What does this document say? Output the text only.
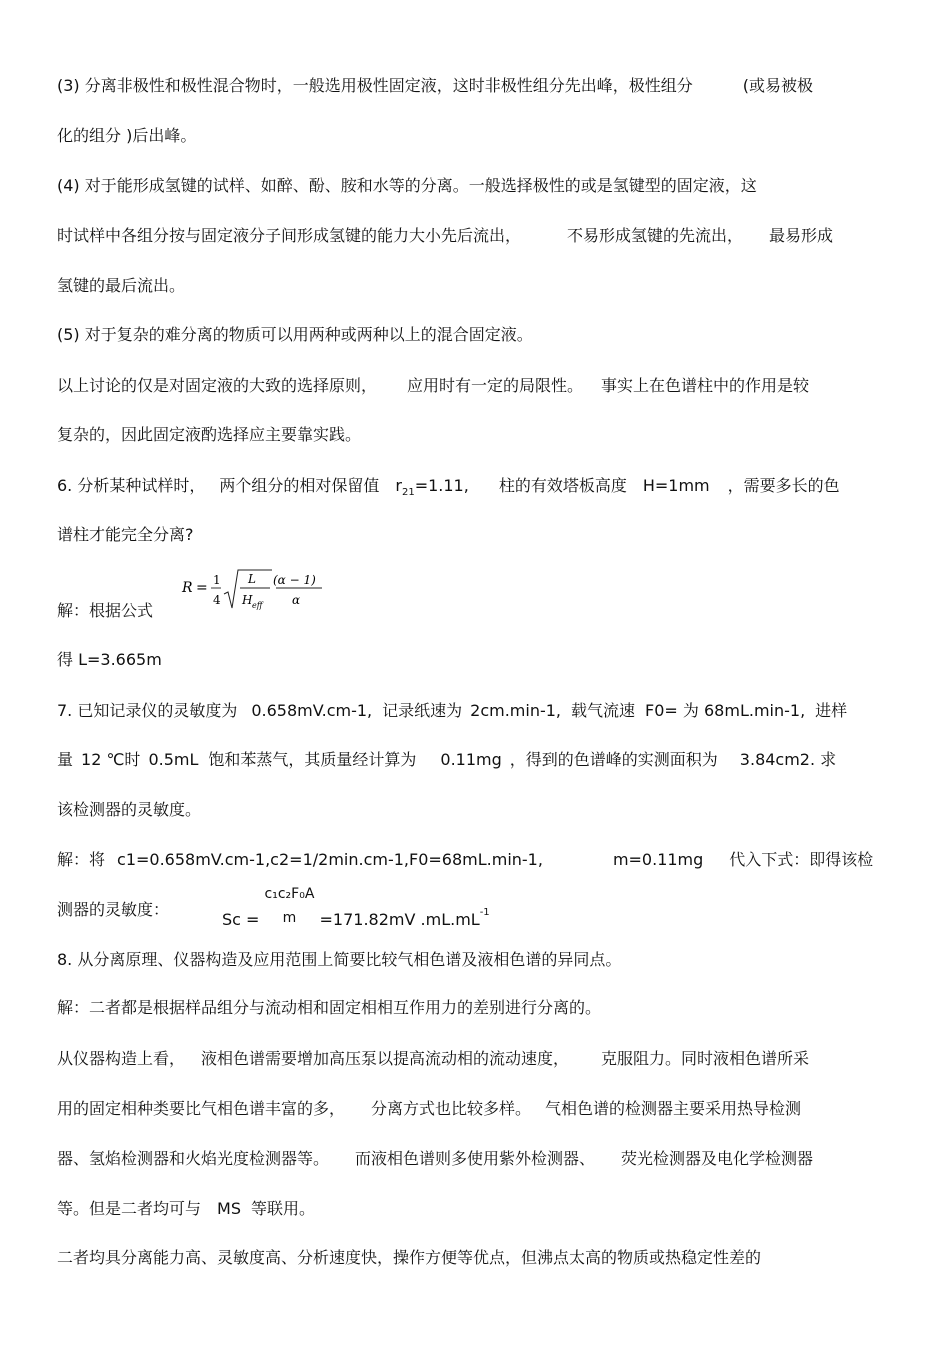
(3) 分离非极性和极性混合物时，一般选用极性固定液，这时非极性组分先出峰，极性组分	(或易被极
化的组分 )后出峰。
(4) 对于能形成氢键的试样、如醉、酚、胺和水等的分离。一般选择极性的或是氢键型的固定液，这
时试样中各组分按与固定液分子间形成氢键的能力大小先后流出，	不易形成氢键的先流出， 最易形成
氢键的最后流出。
(5) 对于复杂的难分离的物质可以用两种或两种以上的混合固定液。
以上讨论的仅是对固定液的大致的选择原则， 应用时有一定的局限性。 事实上在色谱柱中的作用是较
复杂的，因此固定液酌选择应主要靠实践。
6. 分析某种试样时， 两个组分的相对保留值 $r_{21}=1.11$, 柱的有效塔板高度 H=1mm ，需要多长的色
谱柱才能完全分离?
解：根据公式
R = 1
4
L
H eff
(α − 1)
α
得 L=3.665m
7. 已知记录仪的灵敏度为 0.658mV.cm-1, 记录纸速为 2cm.min-1, 载气流速 F0= 为 68mL.min-1, 进样
量 12 ℃时 0.5mL 饱和苯蒸气，其质量经计算为 0.11mg ，得到的色谱峰的实测面积为 3.84cm2. 求
该检测器的灵敏度。
解：将 c1=0.658mV.cm-1,c2=1/2min.cm-1,F0=68mL.min-1,	m=0.11mg 代入下式：即得该检
测器的灵敏度：	Sc =
c₁c₂F₀A
m	=171.82mV $.mL.mL_{-1}$
8. 从分离原理、仪器构造及应用范围上简要比较气相色谱及液相色谱的异同点。
解：二者都是根据样品组分与流动相和固定相相互作用力的差别进行分离的。
从仪器构造上看， 液相色谱需要增加高压泵以提高流动相的流动速度， 克服阻力。同时液相色谱所采
用的固定相种类要比气相色谱丰富的多， 分离方式也比较多样。 气相色谱的检测器主要采用热导检测
器、氢焰检测器和火焰光度检测器等。 而液相色谱则多使用紫外检测器、 荧光检测器及电化学检测器
等。但是二者均可与 MS 等联用。
二者均具分离能力高、灵敏度高、分析速度快，操作方便等优点，但沸点太高的物质或热稳定性差的
